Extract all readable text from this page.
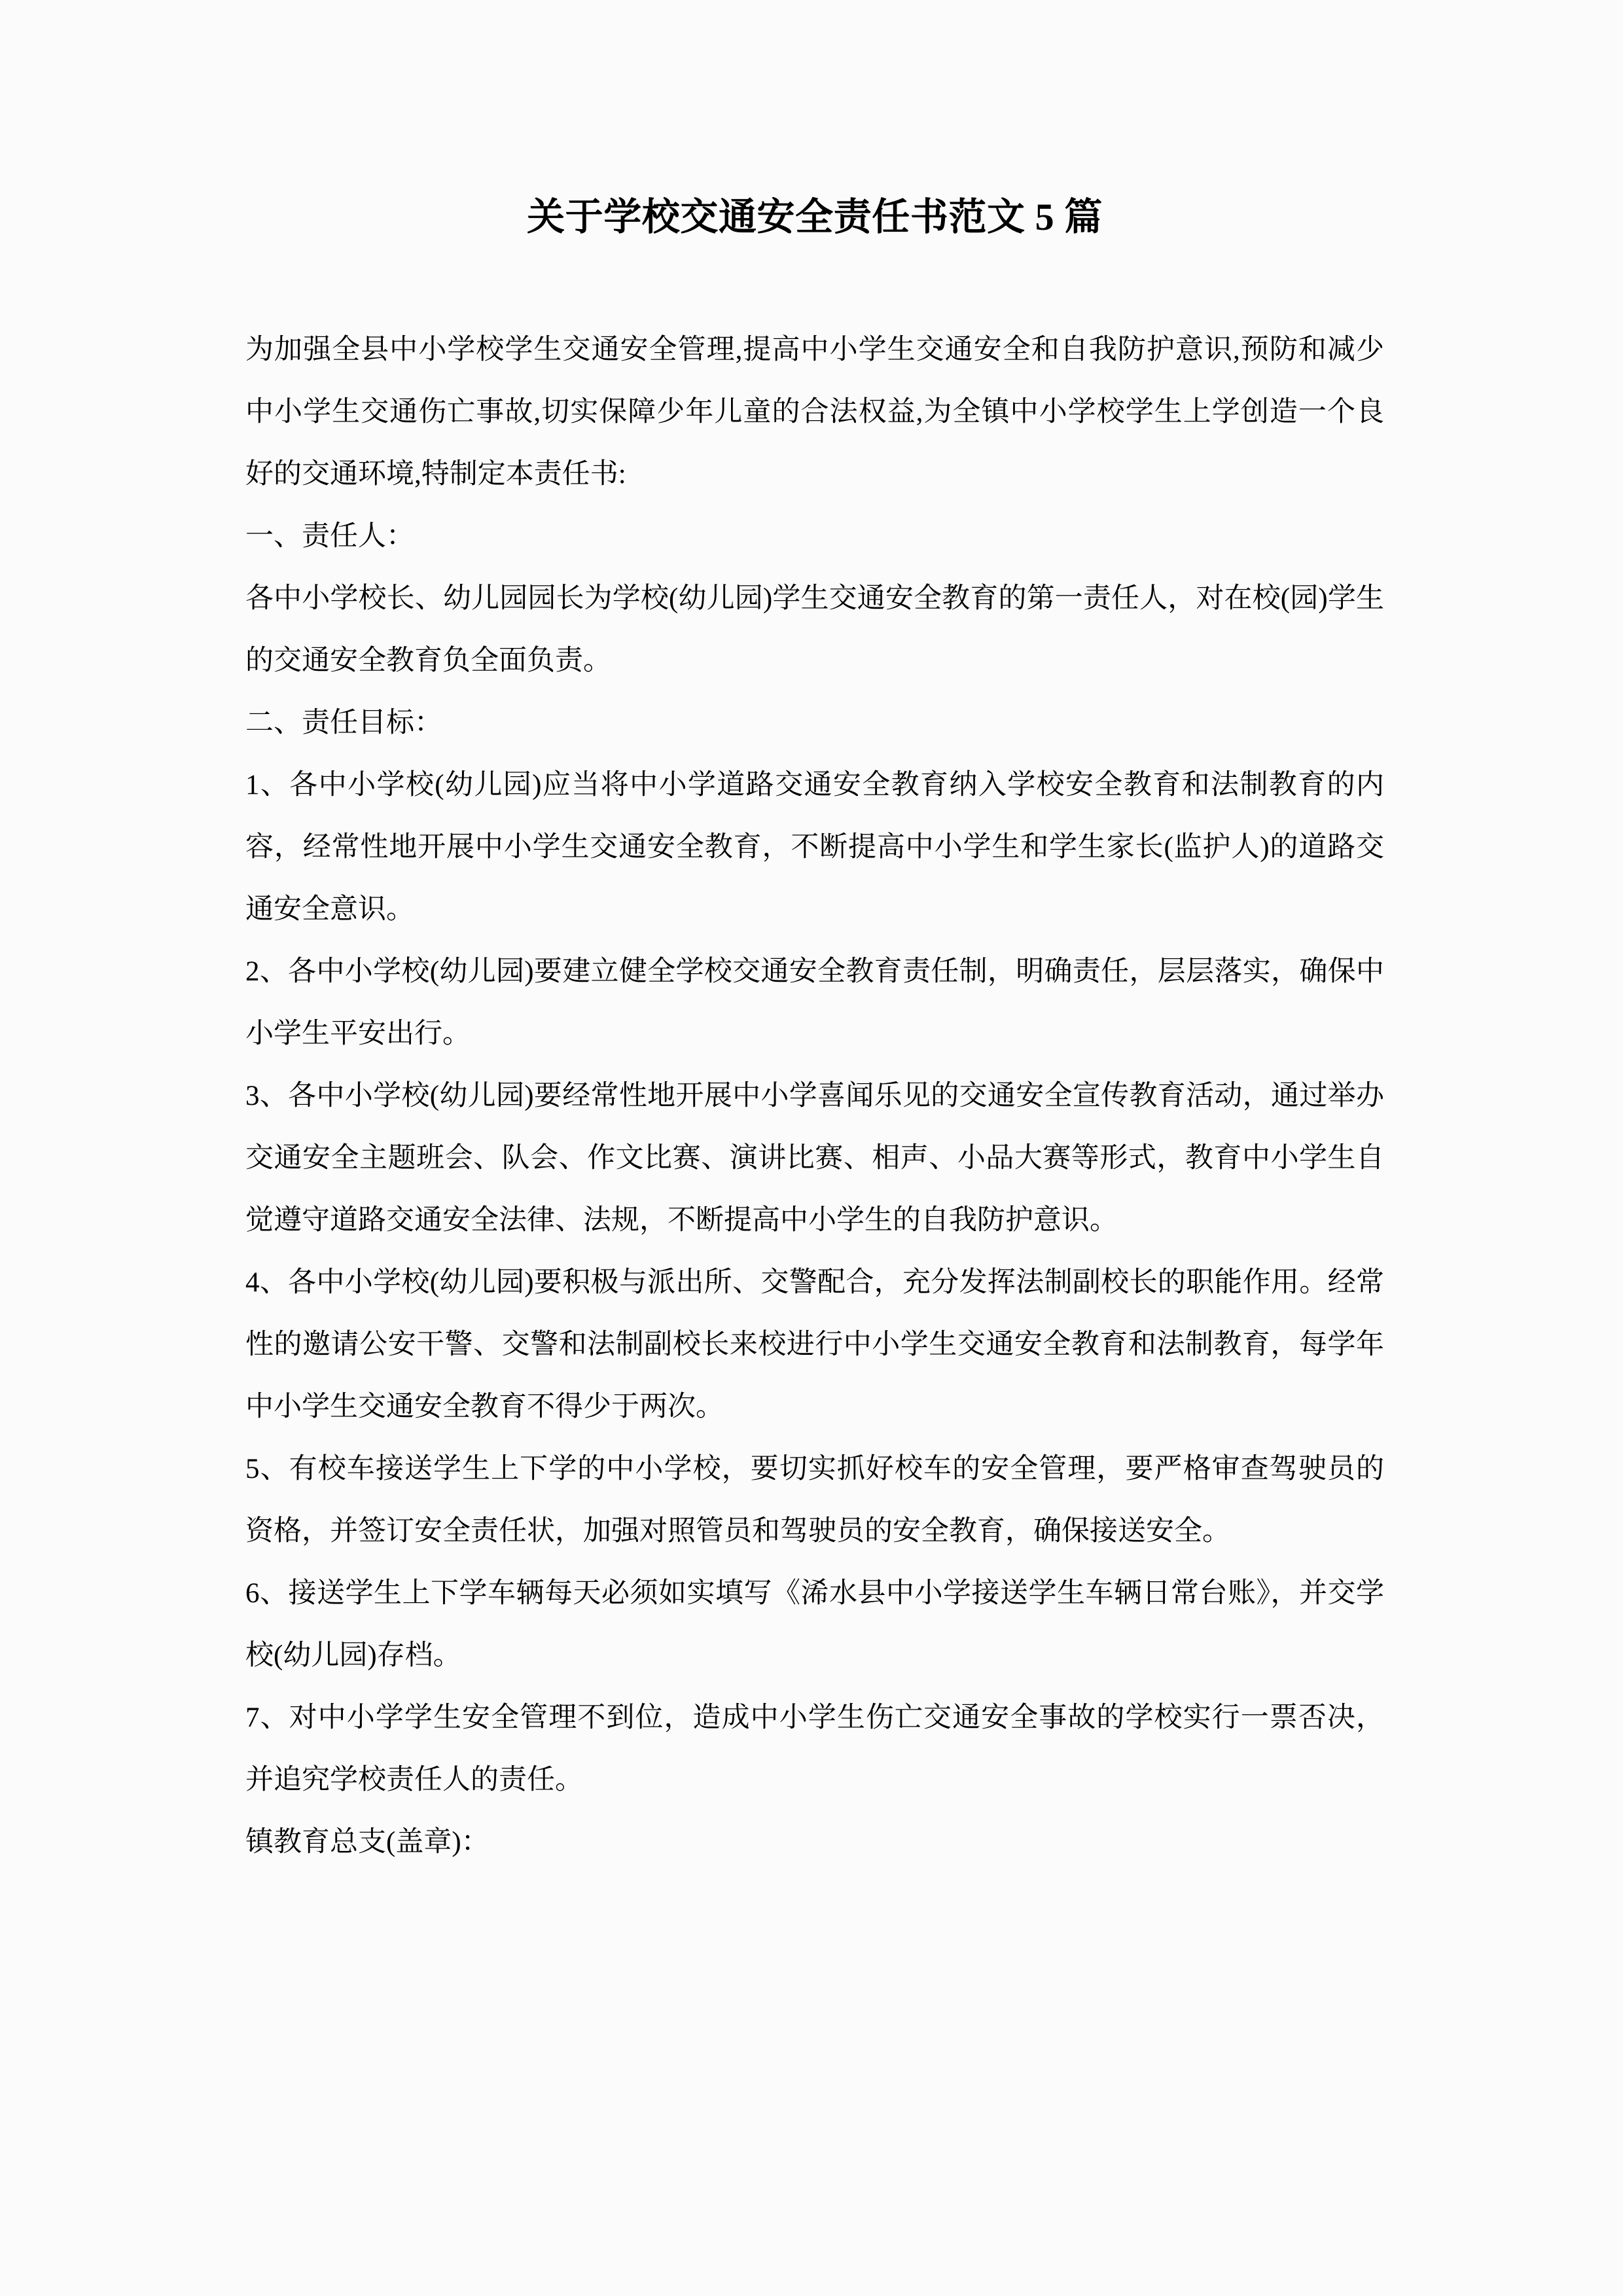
关于学校交通安全责任书范文 5 篇

为加强全县中小学校学生交通安全管理,提高中小学生交通安全和自我防护意识,预防和减少中小学生交通伤亡事故,切实保障少年儿童的合法权益,为全镇中小学校学生上学创造一个良好的交通环境,特制定本责任书:

一、责任人：

各中小学校长、幼儿园园长为学校(幼儿园)学生交通安全教育的第一责任人，对在校(园)学生的交通安全教育负全面负责。

二、责任目标：

1、各中小学校(幼儿园)应当将中小学道路交通安全教育纳入学校安全教育和法制教育的内容，经常性地开展中小学生交通安全教育，不断提高中小学生和学生家长(监护人)的道路交通安全意识。

2、各中小学校(幼儿园)要建立健全学校交通安全教育责任制，明确责任，层层落实，确保中小学生平安出行。

3、各中小学校(幼儿园)要经常性地开展中小学喜闻乐见的交通安全宣传教育活动，通过举办交通安全主题班会、队会、作文比赛、演讲比赛、相声、小品大赛等形式，教育中小学生自觉遵守道路交通安全法律、法规，不断提高中小学生的自我防护意识。

4、各中小学校(幼儿园)要积极与派出所、交警配合，充分发挥法制副校长的职能作用。经常性的邀请公安干警、交警和法制副校长来校进行中小学生交通安全教育和法制教育，每学年中小学生交通安全教育不得少于两次。

5、有校车接送学生上下学的中小学校，要切实抓好校车的安全管理，要严格审查驾驶员的资格，并签订安全责任状，加强对照管员和驾驶员的安全教育，确保接送安全。

6、接送学生上下学车辆每天必须如实填写《浠水县中小学接送学生车辆日常台账》，并交学校(幼儿园)存档。

7、对中小学学生安全管理不到位，造成中小学生伤亡交通安全事故的学校实行一票否决，并追究学校责任人的责任。

镇教育总支(盖章)：
